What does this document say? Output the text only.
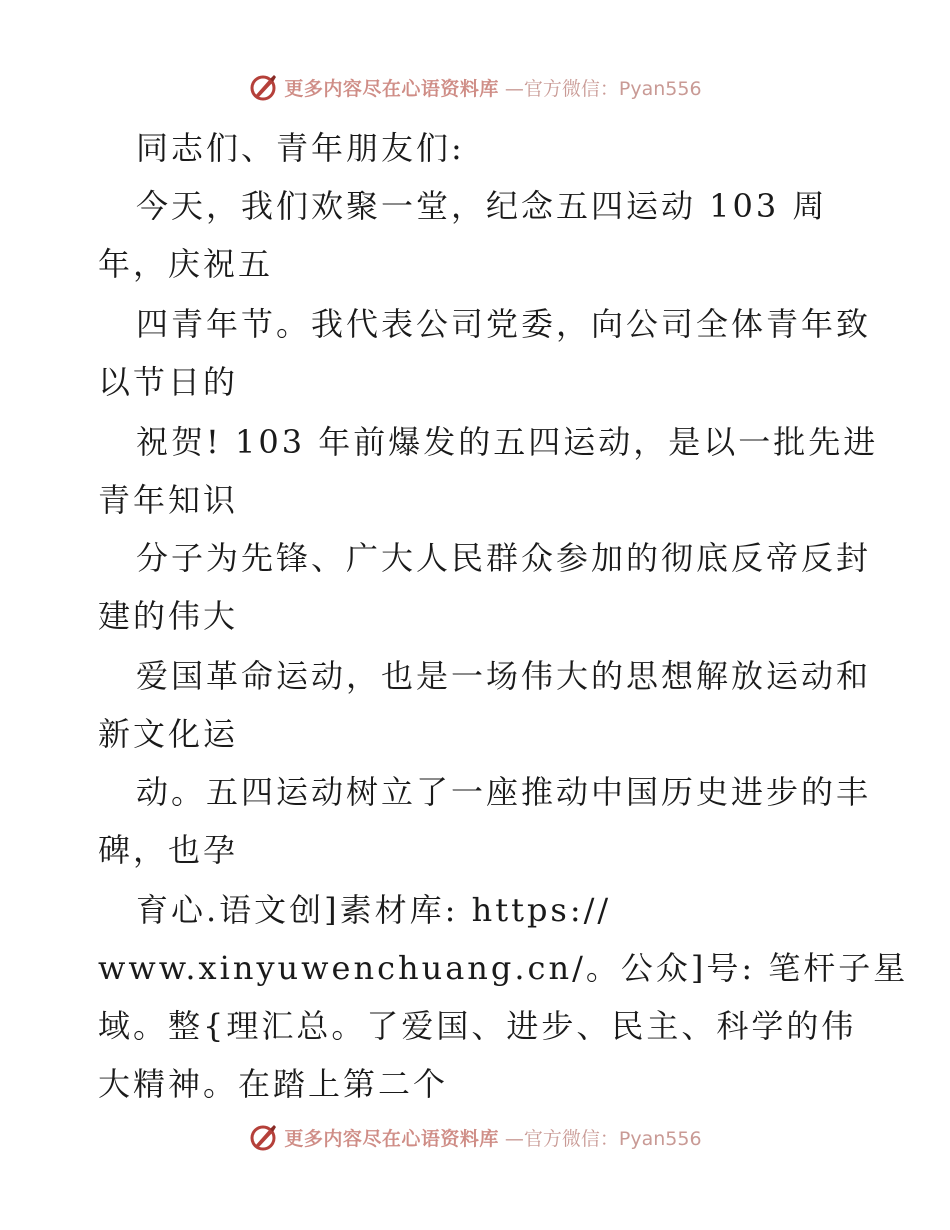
更多内容尽在心语资料库 —官方微信：Pyan556
同志们、青年朋友们:
今天，我们欢聚一堂，纪念五四运动 103 周
年，庆祝五
四青年节。我代表公司党委，向公司全体青年致
以节日的
祝贺! 103 年前爆发的五四运动，是以一批先进
青年知识
分子为先锋、广大人民群众参加的彻底反帝反封
建的伟大
爱国革命运动，也是一场伟大的思想解放运动和
新文化运
动。五四运动树立了一座推动中国历史进步的丰
碑，也孕
育心.语文创]素材库: https://
www.xinyuwenchuang.cn/。公众]号: 笔杆子星
域。整{理汇总。了爱国、进步、民主、科学的伟
大精神。在踏上第二个
更多内容尽在心语资料库 —官方微信：Pyan556
